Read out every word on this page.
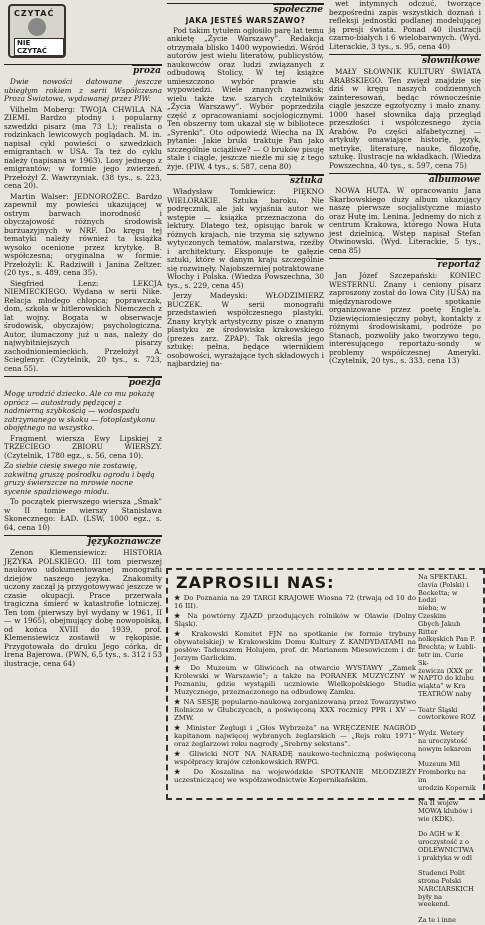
CZYTAĆ
NIE CZYTAĆ
proza

Dwie nowości datowane jeszcze ubiegłym rokiem z serii Współczesna Proza Światowa, wydawanej przez PIW:

Vilhelm Moberg: TWOJA CHWILA NA ZIEMI. Bardzo płodny i popularny szwedzki pisarz (ma 73 l.); realista o rodzinkach lewicowych poglądach. M. in. napisał cykl powieści o szwedzkich emigrantach w USA. Ta też do cyklu należy (napisana w 1963). Losy jednego z emigrantów; w formie jego zwierzeń. Przełożył Z. Wawrzyniak. (38 tys., s. 223, cena 20).

Martin Walser: JEDNOROŻEC. Bardzo zapewnił my powieści ukazującej w ostrym barwach inorodność i obyczajowość różnych środowisk burżuazyjnych w NRF. Do kręgu tej tematyki należy również ta książka wysoko ocenione przez krytykę. B. współczesna; oryginalna w formie. Przełożyli: K. Radziwiłł i Janina Zeltzer. (20 tys., s. 489, cena 35).

Siegfried Lenz: LEKCJA NIEMIECKIEGO. Wydana w serii Nike. Relacja młodego chłopca; poprawczak, dom, szkoła w hitlerowskich Niemczech z lat wojny. Bogata w obserwacje środowisk, obyczajów; psychologiczna. Autor, ilumaczony już u nas, należy do najwybitniejszych pisarzy zachodnioniemieckich. Przełożył A. Scieglenyr. (Czytelnik, 20 tys., s. 723, cena 55).

poezja

Mogę urodzić dziecko. Ale co mu pokażę oprócz — autostrady pędzącej z nadmierną szybkością — wodospadu zatrzymanego w skoku — fotoplastykonu obojętnego na wszystko.

Fragment wiersza Ewy Lipskiej z TRZECIEGO ZBIORU WIERSZY. (Czytelnik, 1780 egz., s. 56, cena 10).

Za siebie ciesię swego nie zostawię, zakwitną gruszę pośrodku ogrodu i będą gruzy świerszcze na mrowie nocne sycenie spadziowego miodu.

To początek pierwszego wiersza „Śmak” w II tomie wierszy Stanisława Skonecznego: ŁAD. (LSW, 1000 egz., s. 64, cena 10)

językoznawcze

Zenon Klemensiewicz: HISTORIA JĘZYKA POLSKIEGO. III tom pierwszej naukowo udokumentowanej monografii dziejów naszego języka. Znakomity uczony zaczął ją przygotowywać jeszcze w czasie okupacji. Prace przerwała tragiczna śmierć w katastrofie lotniczej. Ten tom (pierwszy był wydany w 1961, II — w 1965), obejmujący dobę nowopolską, od końca XVIII do 1939, prof. Klemensiewicz zostawił w rękopisie. Przygotowała do druku Jego córka, dr Irena Bajerowa. (PWN, 6,5 tys., s. 312 i 53 ilustracje, cena 64)

społeczne
JAKA JESTEŚ WARSZAWO?

Pod takim tytułem ogłosiło parę lat temu ankietę „Życie Warszawy”. Redakcja otrzymała blisko 1400 wypowiedzi. Wśród autorów jest wielu literatów, publicystów, naukowców oraz ludzi związanych z odbudową Stolicy. W tej książce umieszczono wybór prawie stu wypowiedzi. Wiele znanych nazwisk; wielu także tzw. szarych czytelników „Życia Warszawy”. Wybór poprzedziła część z opracowaniami socjologicznymi. Ten obszerny tom ukazał się w bibliotece „Syrenki”. Oto odpowiedź Wiecha na IX pytanie: Jakie bruki traktuje Pan jako szczególnie uciążliwe? — O bruków pisuję stale i ciągle, jeszcze nieźle mi się z tego żyje. (PIW, 4 tys., s. 587, cena 80)

sztuka

Władysław Tomkiewicz: PIĘKNO WIELORAKIE. Sztuka baroku. Nie podręcznik, ale jak wyjaśnia autor we wstępie — książka przeznaczona do lektury. Dlatego też, opisując barok w różnych krajach, nie trzyma się sztywno wytyczonych tematów, malarstwa, rzeźby i architektury. Eksponuje te gałęzie sztuki, które w danym kraju szczególnie się rozwinęły. Najobszerniej potraktowane Włochy i Polska. (Wiedza Powszechna, 30 tys., s. 229, cena 45)

Jerzy Madeyski: WŁODZIMIERZ BUCZEK. W serii monografii przedstawień współczesnego plastyki. Znany krytyk artystyczny pisze o znanym plastyku ze środowiska krakowskiego (prezes zarz. ZPAP). Tak określa jego sztukę: pełna, będące wiernikiem osobowości, wyrażające tych składowych i najbardziej na-

wet intymnych odczuć, tworzące bezpośredni zapis wszystkich doznań i refleksji jednostki podlanej modelującej ją presji świata. Ponad 40 ilustracji czarno-białych i 6 wielobarwnych. (Wyd. Literackie, 3 tys., s. 95, cena 40)

słownikowe

MAŁY SŁOWNIK KULTURY ŚWIATA ARABSKIEGO. Ten zwięzł znajdzie się dziś w kręgu naszych codziennych zainteresowań, będąc równocześnie ciągle jeszcze egzotyczny i mało znany. 1000 haseł słownika dają przegląd przeszłości i współczesnego życia Arabów. Po części alfabetycznej — artykuły omawiające historię, język, metryke, literaturę, nauke, filozofię, sztukę. Ilustracje na wkładkach. (Wiedza Powszechna, 40 tys., s. 597, cena 75)

albumowe

NOWA HUTA. W opracowaniu Jana Skarbowskiego duży album ukazujący naszę pierwsze socjalistyczne miasto oraz Hutę im. Lenina. Jednemy do nich z centrum Krakowa, którego Nowa Huta jest dzielnicą. Wstęp napisał Stefan Otwinowski. (Wyd. Literackie, 5 tys., cena 85)

reportaż

Jan Józef Szczepański: KONIEC WESTERNU. Znany i ceniony pisarz zaproszony został do Iowa City (USA) na międzynarodowe spotkanie organizowane przez poetę Engle'a. Dziewięciomiesięczny pobyt, kontakty z różnymi środowiskami, podróże po Stanach, pozwoliły jako tworzywo tego, interesującego reportażu-sondy w problemy współczesnej Ameryki. (Czytelnik, 20 tys., s. 333, cena 13)

ZAPROSILI NAS:
★ Do Poznania na 29 TARGI KRAJOWE Wiosna 72 (trwają od 10 do 16 III).
★ Na powtórny ZJAZD przodujących rolników w Olawie (Dolny Śląsk).
★ Krakowski Komitet FJN na spotkanie (w formie trybuny obywatelskiej) w Krakowskim Domu Kultury Z KANDYDATAMI na posłów: Tadeuszem Holujem, prof. dr. Marianem Miesowiczem i dr. Jerzym Garlickim.
★ Do Muzeum w Gliwicach na otwarcie WYSTAWY „Zamek Królewski w Warszawie”; a także na PORANEK MUZYCZNY w Poznaniu, gdzie wystąpili uczniowie Wielkopolskiego Studia Muzycznego, przeznaczonego na odbudowę Zamku.
★ NA SESJĘ popularno-naukową zorganizowaną przez Towarzystwo Rolnicze w Głubczycach, a poświęconą XXX rocznicy PPR i XV — ZMW.
★ Minister Żeglugi i „Głos Wybrzeża” na WRĘCZENIE NAGRÓD kapitanom najwięcej wybranych żeglarskich — „Rejs roku 1971” oraz żeglarzowi roku nagrody „Srebrny sekstans”.
★ Gliwicki NOT NA NARADĘ naukowo-techniczną poświęconą współpracy krajów członkowskich RWPG.
★ Do Koszalina na wojewódzkie SPOTKANIE MŁODZIEŻY uczestniczącej we współzawodnictwie Kopernikańskim.
Na SPEKTAKL
clavia (Polski) i
Becketta; w Łodzi
nieba; w Czeskim
Gbych Jakub Ritter
nolkęskich Pan P.
Brechta; w Łubli-
tetr im. Curie Sk-
żewicza (XXX pr
NAPTO do klubu
wiąkta” w Kra
TEATRÓW naby

Teatr Śląski
cowtorkowe ROZ

Wydz. Wetery
na uroczystość
nowym lekarom

Muzeum Mil
Fromborku na im
urodzin Kopernik

Na II wojew
MOWĄ klubów i
wie (KDK).

Do AGH w K
uroczystość z o
ODLEWNICTWA
i praktyka w odl

Studenci Polit
strona Polski
NARCIARSKICH
były na weekend.

Za te i inne
